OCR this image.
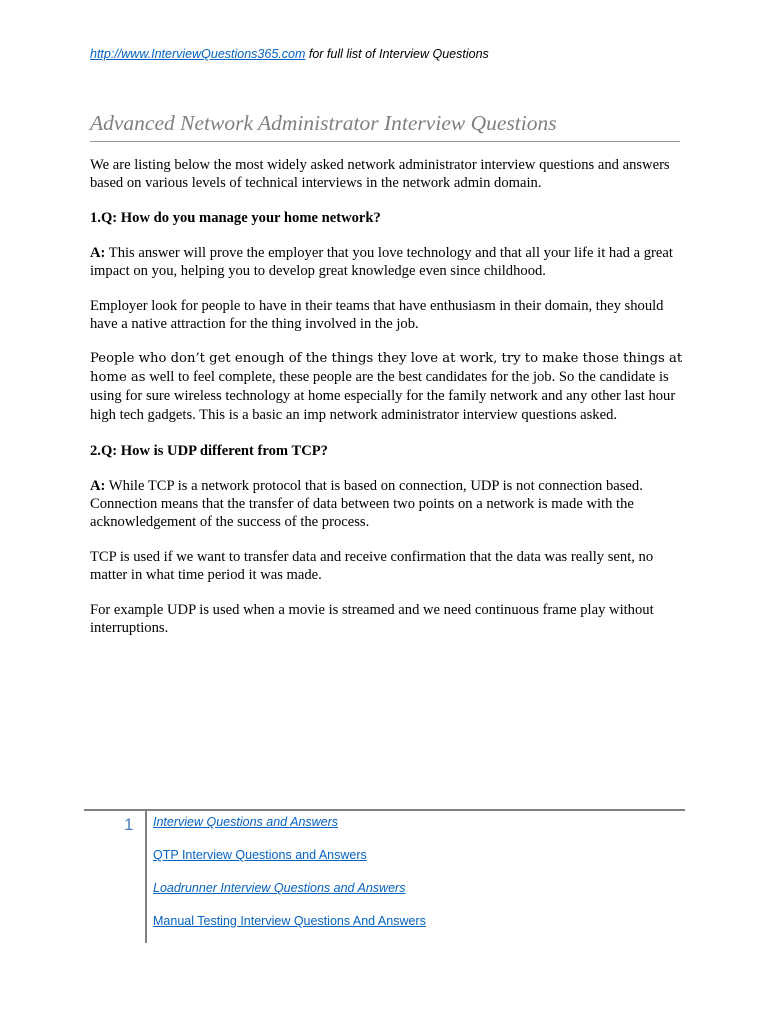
http://www.InterviewQuestions365.com for full list of Interview Questions
Advanced Network Administrator Interview Questions

We are listing below the most widely asked network administrator interview questions and answers based on various levels of technical interviews in the network admin domain.

1.Q: How do you manage your home network?

A: This answer will prove the employer that you love technology and that all your life it had a great impact on you, helping you to develop great knowledge even since childhood.

Employer look for people to have in their teams that have enthusiasm in their domain, they should have a native attraction for the thing involved in the job.

People who don’t get enough of the things they love at work, try to make those things at home as well to feel complete, these people are the best candidates for the job. So the candidate is using for sure wireless technology at home especially for the family network and any other last hour high tech gadgets. This is a basic an imp network administrator interview questions asked.

2.Q: How is UDP different from TCP?

A: While TCP is a network protocol that is based on connection, UDP is not connection based. Connection means that the transfer of data between two points on a network is made with the acknowledgement of the success of the process.

TCP is used if we want to transfer data and receive confirmation that the data was really sent, no matter in what time period it was made.

For example UDP is used when a movie is streamed and we need continuous frame play without interruptions.

1 Interview Questions and Answers
QTP Interview Questions and Answers
Loadrunner Interview Questions and Answers
Manual Testing Interview Questions And Answers
